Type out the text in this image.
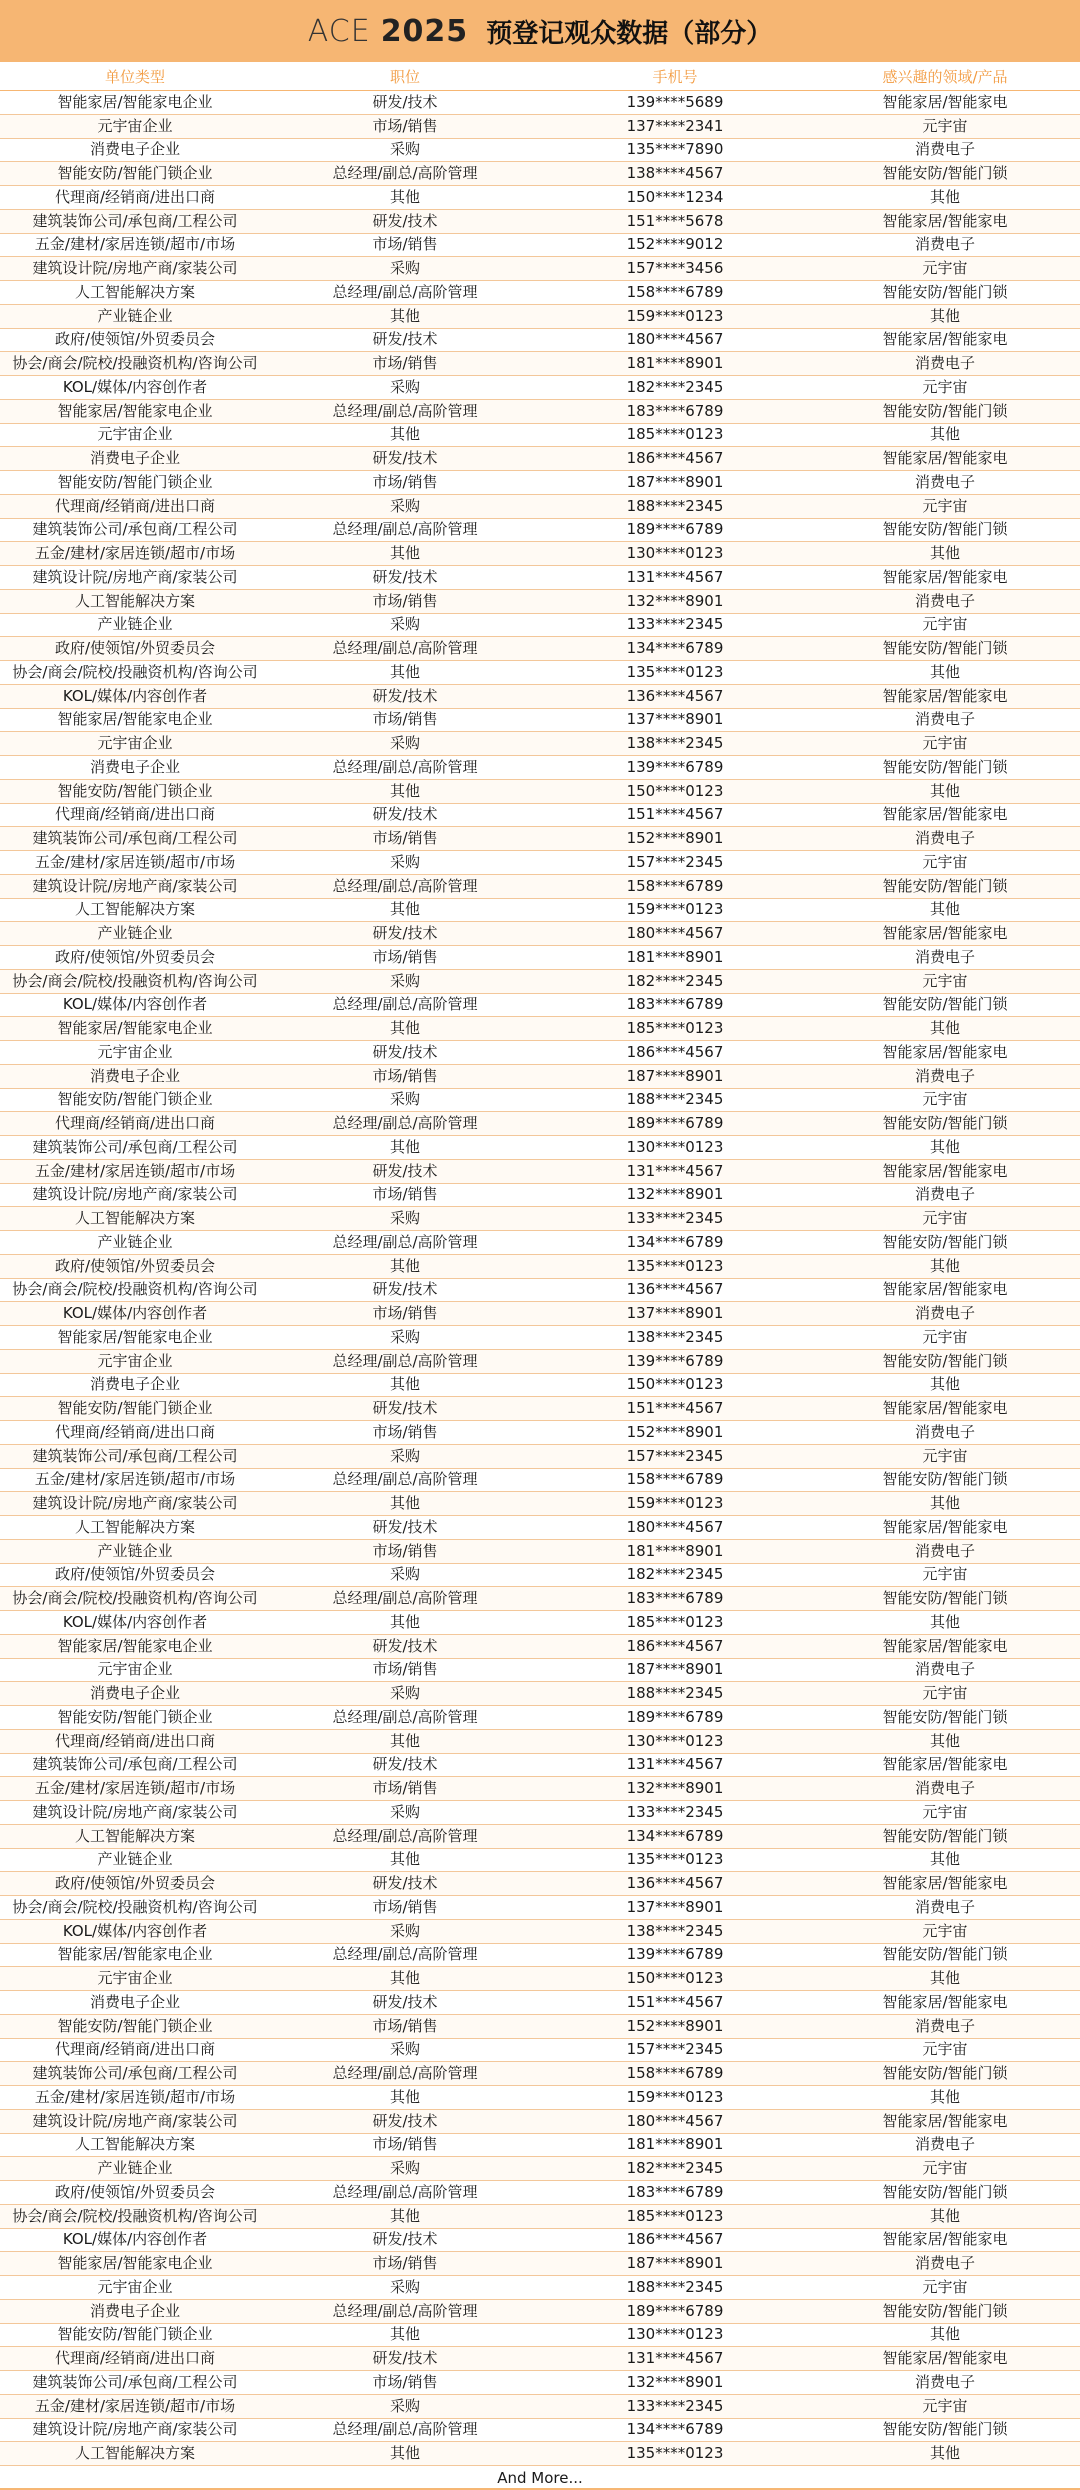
ACE 2025 预登记观众数据（部分）
单位类型	职位	手机号	感兴趣的领域/产品
智能家居/智能家电企业	研发/技术	139****5689	智能家居/智能家电
元宇宙企业	市场/销售	137****2341	元宇宙
消费电子企业	采购	135****7890	消费电子
智能安防/智能门锁企业	总经理/副总/高阶管理	138****4567	智能安防/智能门锁
代理商/经销商/进出口商	其他	150****1234	其他
建筑装饰公司/承包商/工程公司	研发/技术	151****5678	智能家居/智能家电
五金/建材/家居连锁/超市/市场	市场/销售	152****9012	消费电子
建筑设计院/房地产商/家装公司	采购	157****3456	元宇宙
人工智能解决方案	总经理/副总/高阶管理	158****6789	智能安防/智能门锁
产业链企业	其他	159****0123	其他
政府/使领馆/外贸委员会	研发/技术	180****4567	智能家居/智能家电
协会/商会/院校/投融资机构/咨询公司	市场/销售	181****8901	消费电子
KOL/媒体/内容创作者	采购	182****2345	元宇宙
智能家居/智能家电企业	总经理/副总/高阶管理	183****6789	智能安防/智能门锁
元宇宙企业	其他	185****0123	其他
消费电子企业	研发/技术	186****4567	智能家居/智能家电
智能安防/智能门锁企业	市场/销售	187****8901	消费电子
代理商/经销商/进出口商	采购	188****2345	元宇宙
建筑装饰公司/承包商/工程公司	总经理/副总/高阶管理	189****6789	智能安防/智能门锁
五金/建材/家居连锁/超市/市场	其他	130****0123	其他
建筑设计院/房地产商/家装公司	研发/技术	131****4567	智能家居/智能家电
人工智能解决方案	市场/销售	132****8901	消费电子
产业链企业	采购	133****2345	元宇宙
政府/使领馆/外贸委员会	总经理/副总/高阶管理	134****6789	智能安防/智能门锁
协会/商会/院校/投融资机构/咨询公司	其他	135****0123	其他
KOL/媒体/内容创作者	研发/技术	136****4567	智能家居/智能家电
智能家居/智能家电企业	市场/销售	137****8901	消费电子
元宇宙企业	采购	138****2345	元宇宙
消费电子企业	总经理/副总/高阶管理	139****6789	智能安防/智能门锁
智能安防/智能门锁企业	其他	150****0123	其他
代理商/经销商/进出口商	研发/技术	151****4567	智能家居/智能家电
建筑装饰公司/承包商/工程公司	市场/销售	152****8901	消费电子
五金/建材/家居连锁/超市/市场	采购	157****2345	元宇宙
建筑设计院/房地产商/家装公司	总经理/副总/高阶管理	158****6789	智能安防/智能门锁
人工智能解决方案	其他	159****0123	其他
产业链企业	研发/技术	180****4567	智能家居/智能家电
政府/使领馆/外贸委员会	市场/销售	181****8901	消费电子
协会/商会/院校/投融资机构/咨询公司	采购	182****2345	元宇宙
KOL/媒体/内容创作者	总经理/副总/高阶管理	183****6789	智能安防/智能门锁
智能家居/智能家电企业	其他	185****0123	其他
元宇宙企业	研发/技术	186****4567	智能家居/智能家电
消费电子企业	市场/销售	187****8901	消费电子
智能安防/智能门锁企业	采购	188****2345	元宇宙
代理商/经销商/进出口商	总经理/副总/高阶管理	189****6789	智能安防/智能门锁
建筑装饰公司/承包商/工程公司	其他	130****0123	其他
五金/建材/家居连锁/超市/市场	研发/技术	131****4567	智能家居/智能家电
建筑设计院/房地产商/家装公司	市场/销售	132****8901	消费电子
人工智能解决方案	采购	133****2345	元宇宙
产业链企业	总经理/副总/高阶管理	134****6789	智能安防/智能门锁
政府/使领馆/外贸委员会	其他	135****0123	其他
协会/商会/院校/投融资机构/咨询公司	研发/技术	136****4567	智能家居/智能家电
KOL/媒体/内容创作者	市场/销售	137****8901	消费电子
智能家居/智能家电企业	采购	138****2345	元宇宙
元宇宙企业	总经理/副总/高阶管理	139****6789	智能安防/智能门锁
消费电子企业	其他	150****0123	其他
智能安防/智能门锁企业	研发/技术	151****4567	智能家居/智能家电
代理商/经销商/进出口商	市场/销售	152****8901	消费电子
建筑装饰公司/承包商/工程公司	采购	157****2345	元宇宙
五金/建材/家居连锁/超市/市场	总经理/副总/高阶管理	158****6789	智能安防/智能门锁
建筑设计院/房地产商/家装公司	其他	159****0123	其他
人工智能解决方案	研发/技术	180****4567	智能家居/智能家电
产业链企业	市场/销售	181****8901	消费电子
政府/使领馆/外贸委员会	采购	182****2345	元宇宙
协会/商会/院校/投融资机构/咨询公司	总经理/副总/高阶管理	183****6789	智能安防/智能门锁
KOL/媒体/内容创作者	其他	185****0123	其他
智能家居/智能家电企业	研发/技术	186****4567	智能家居/智能家电
元宇宙企业	市场/销售	187****8901	消费电子
消费电子企业	采购	188****2345	元宇宙
智能安防/智能门锁企业	总经理/副总/高阶管理	189****6789	智能安防/智能门锁
代理商/经销商/进出口商	其他	130****0123	其他
建筑装饰公司/承包商/工程公司	研发/技术	131****4567	智能家居/智能家电
五金/建材/家居连锁/超市/市场	市场/销售	132****8901	消费电子
建筑设计院/房地产商/家装公司	采购	133****2345	元宇宙
人工智能解决方案	总经理/副总/高阶管理	134****6789	智能安防/智能门锁
产业链企业	其他	135****0123	其他
政府/使领馆/外贸委员会	研发/技术	136****4567	智能家居/智能家电
协会/商会/院校/投融资机构/咨询公司	市场/销售	137****8901	消费电子
KOL/媒体/内容创作者	采购	138****2345	元宇宙
智能家居/智能家电企业	总经理/副总/高阶管理	139****6789	智能安防/智能门锁
元宇宙企业	其他	150****0123	其他
消费电子企业	研发/技术	151****4567	智能家居/智能家电
智能安防/智能门锁企业	市场/销售	152****8901	消费电子
代理商/经销商/进出口商	采购	157****2345	元宇宙
建筑装饰公司/承包商/工程公司	总经理/副总/高阶管理	158****6789	智能安防/智能门锁
五金/建材/家居连锁/超市/市场	其他	159****0123	其他
建筑设计院/房地产商/家装公司	研发/技术	180****4567	智能家居/智能家电
人工智能解决方案	市场/销售	181****8901	消费电子
产业链企业	采购	182****2345	元宇宙
政府/使领馆/外贸委员会	总经理/副总/高阶管理	183****6789	智能安防/智能门锁
协会/商会/院校/投融资机构/咨询公司	其他	185****0123	其他
KOL/媒体/内容创作者	研发/技术	186****4567	智能家居/智能家电
智能家居/智能家电企业	市场/销售	187****8901	消费电子
元宇宙企业	采购	188****2345	元宇宙
消费电子企业	总经理/副总/高阶管理	189****6789	智能安防/智能门锁
智能安防/智能门锁企业	其他	130****0123	其他
代理商/经销商/进出口商	研发/技术	131****4567	智能家居/智能家电
建筑装饰公司/承包商/工程公司	市场/销售	132****8901	消费电子
五金/建材/家居连锁/超市/市场	采购	133****2345	元宇宙
建筑设计院/房地产商/家装公司	总经理/副总/高阶管理	134****6789	智能安防/智能门锁
人工智能解决方案	其他	135****0123	其他
And More...
